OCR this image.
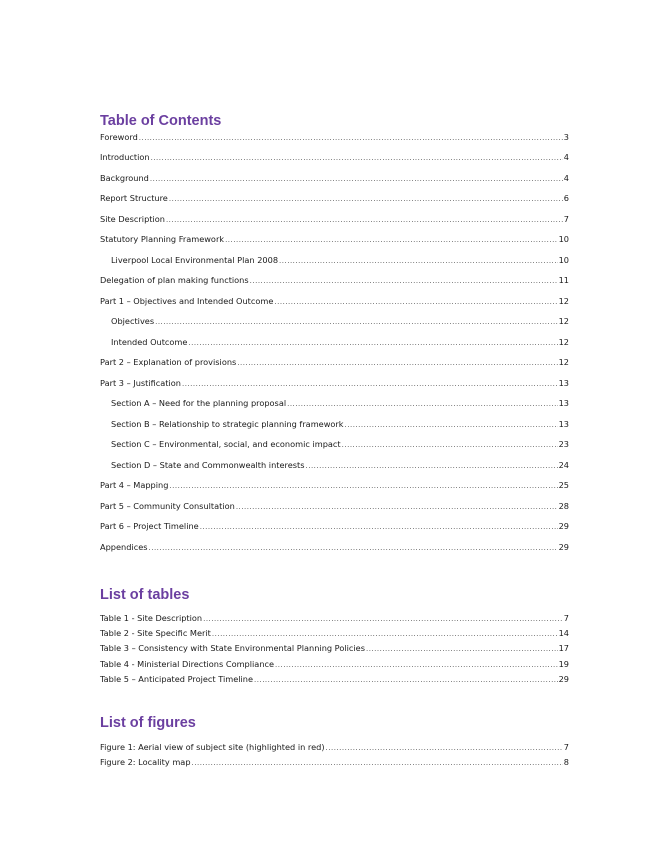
Table of Contents
Foreword .....	3
Introduction .....	4
Background .....	4
Report Structure .....	6
Site Description .....	7
Statutory Planning Framework .....	10
Liverpool Local Environmental Plan 2008 .....	10
Delegation of plan making functions .....	11
Part 1 – Objectives and Intended Outcome .....	12
Objectives .....	12
Intended Outcome .....	12
Part 2 – Explanation of provisions .....	12
Part 3 – Justification .....	13
Section A – Need for the planning proposal .....	13
Section B – Relationship to strategic planning framework .....	13
Section C – Environmental, social, and economic impact .....	23
Section D – State and Commonwealth interests .....	24
Part 4 – Mapping .....	25
Part 5 – Community Consultation .....	28
Part 6 – Project Timeline .....	29
Appendices .....	29
List of tables
Table 1 - Site Description .....	7
Table 2 - Site Specific Merit .....	14
Table 3 – Consistency with State Environmental Planning Policies .....	17
Table 4 - Ministerial Directions Compliance .....	19
Table 5 – Anticipated Project Timeline .....	29
List of figures
Figure 1: Aerial view of subject site (highlighted in red) .....	7
Figure 2: Locality map .....	8
